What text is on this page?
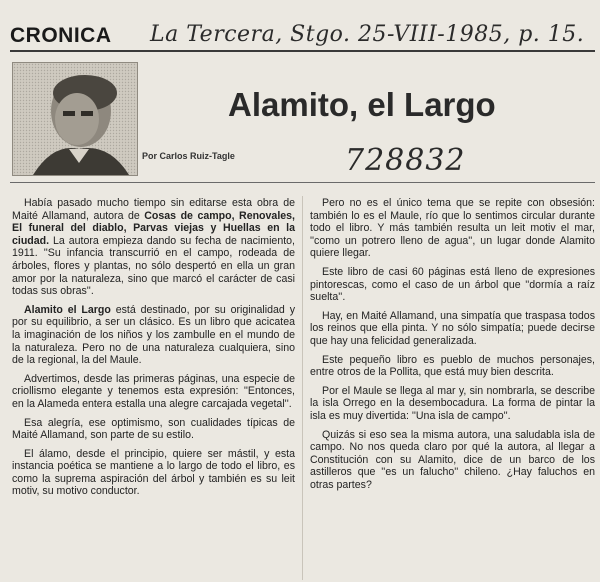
CRONICA La Tercera, Stgo. 25-VIII-1985, p. 15.
Alamito, el Largo
Por Carlos Ruiz-Tagle	728832

Había pasado mucho tiempo sin editarse esta obra de Maité Allamand, autora de Cosas de campo, Renovales, El funeral del diablo, Parvas viejas y Huellas en la ciudad. La autora empieza dando su fecha de nacimiento, 1911. ''Su infancia transcurrió en el campo, rodeada de árboles, flores y plantas, no sólo despertó en ella un gran amor por la naturaleza, sino que marcó el carácter de casi todas sus obras''.

Alamito el Largo está destinado, por su originalidad y por su equilibrio, a ser un clásico. Es un libro que acicatea la imaginación de los niños y los zambulle en el mundo de la naturaleza. Pero no de una naturaleza cualquiera, sino de la regional, la del Maule.

Advertimos, desde las primeras páginas, una especie de criollismo elegante y tenemos esta expresión: ''Entonces, en la Alameda entera estalla una alegre carcajada vegetal''.

Esa alegría, ese optimismo, son cualidades típicas de Maité Allamand, son parte de su estilo.

El álamo, desde el principio, quiere ser mástil, y esta instancia poética se mantiene a lo largo de todo el libro, es como la suprema aspiración del árbol y también es su leit motiv, su motivo conductor.

Pero no es el único tema que se repite con obsesión: también lo es el Maule, río que lo sentimos circular durante todo el libro. Y más también resulta un leit motiv el mar, ''como un potrero lleno de agua'', un lugar donde Alamito quiere llegar.

Este libro de casi 60 páginas está lleno de expresiones pintorescas, como el caso de un árbol que ''dormía a raíz suelta''.

Hay, en Maité Allamand, una simpatía que traspasa todos los reinos que ella pinta. Y no sólo simpatía; puede decirse que hay una felicidad generalizada.

Este pequeño libro es pueblo de muchos personajes, entre otros de la Pollita, que está muy bien descrita.

Por el Maule se llega al mar y, sin nombrarla, se describe la isla Orrego en la desembocadura. La forma de pintar la isla es muy divertida: ''Una isla de campo''.

Quizás si eso sea la misma autora, una saludabla isla de campo. No nos queda claro por qué la autora, al llegar a Constitución con su Alamito, dice de un barco de los astilleros que ''es un falucho'' chileno. ¿Hay faluchos en otras partes?
